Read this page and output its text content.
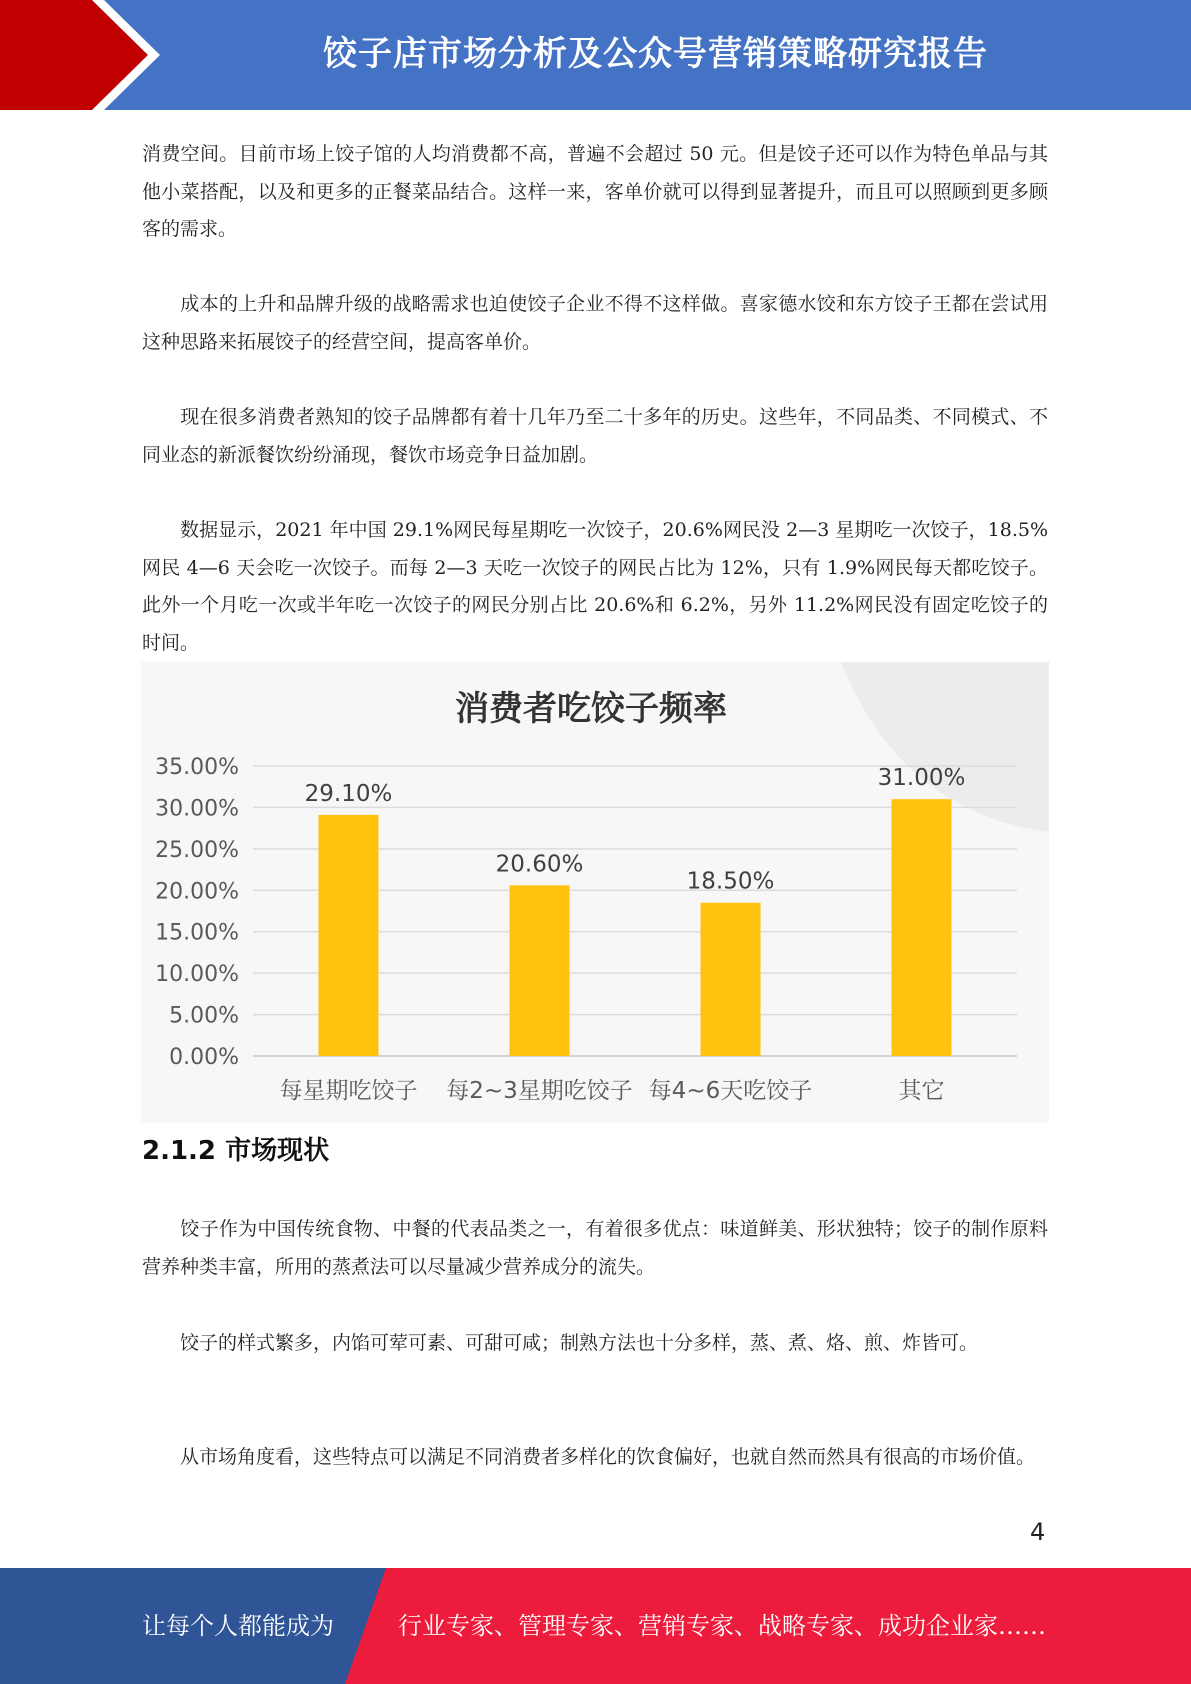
饺子店市场分析及公众号营销策略研究报告

消费空间。目前市场上饺子馆的人均消费都不高，普遍不会超过 50 元。但是饺子还可以作为特色单品与其他小菜搭配，以及和更多的正餐菜品结合。这样一来，客单价就可以得到显著提升，而且可以照顾到更多顾客的需求。

成本的上升和品牌升级的战略需求也迫使饺子企业不得不这样做。喜家德水饺和东方饺子王都在尝试用这种思路来拓展饺子的经营空间，提高客单价。

现在很多消费者熟知的饺子品牌都有着十几年乃至二十多年的历史。这些年，不同品类、不同模式、不同业态的新派餐饮纷纷涌现，餐饮市场竞争日益加剧。

数据显示，2021 年中国 29.1%网民每星期吃一次饺子，20.6%网民没 2—3 星期吃一次饺子，18.5%网民 4—6 天会吃一次饺子。而每 2—3 天吃一次饺子的网民占比为 12%，只有 1.9%网民每天都吃饺子。此外一个月吃一次或半年吃一次饺子的网民分别占比 20.6%和 6.2%，另外 11.2%网民没有固定吃饺子的时间。

消费者吃饺子频率
0.00%
5.00%
10.00%
15.00%
20.00%
25.00%
30.00%
35.00%
29.10%
每星期吃饺子
20.60%
每2~3星期吃饺子
18.50%
每4~6天吃饺子
31.00%
其它
2.1.2 市场现状

饺子作为中国传统食物、中餐的代表品类之一，有着很多优点：味道鲜美、形状独特；饺子的制作原料营养种类丰富，所用的蒸煮法可以尽量减少营养成分的流失。

饺子的样式繁多，内馅可荤可素、可甜可咸；制熟方法也十分多样，蒸、煮、烙、煎、炸皆可。

从市场角度看，这些特点可以满足不同消费者多样化的饮食偏好，也就自然而然具有很高的市场价值。

4
让每个人都能成为	行业专家、管理专家、营销专家、战略专家、成功企业家……
